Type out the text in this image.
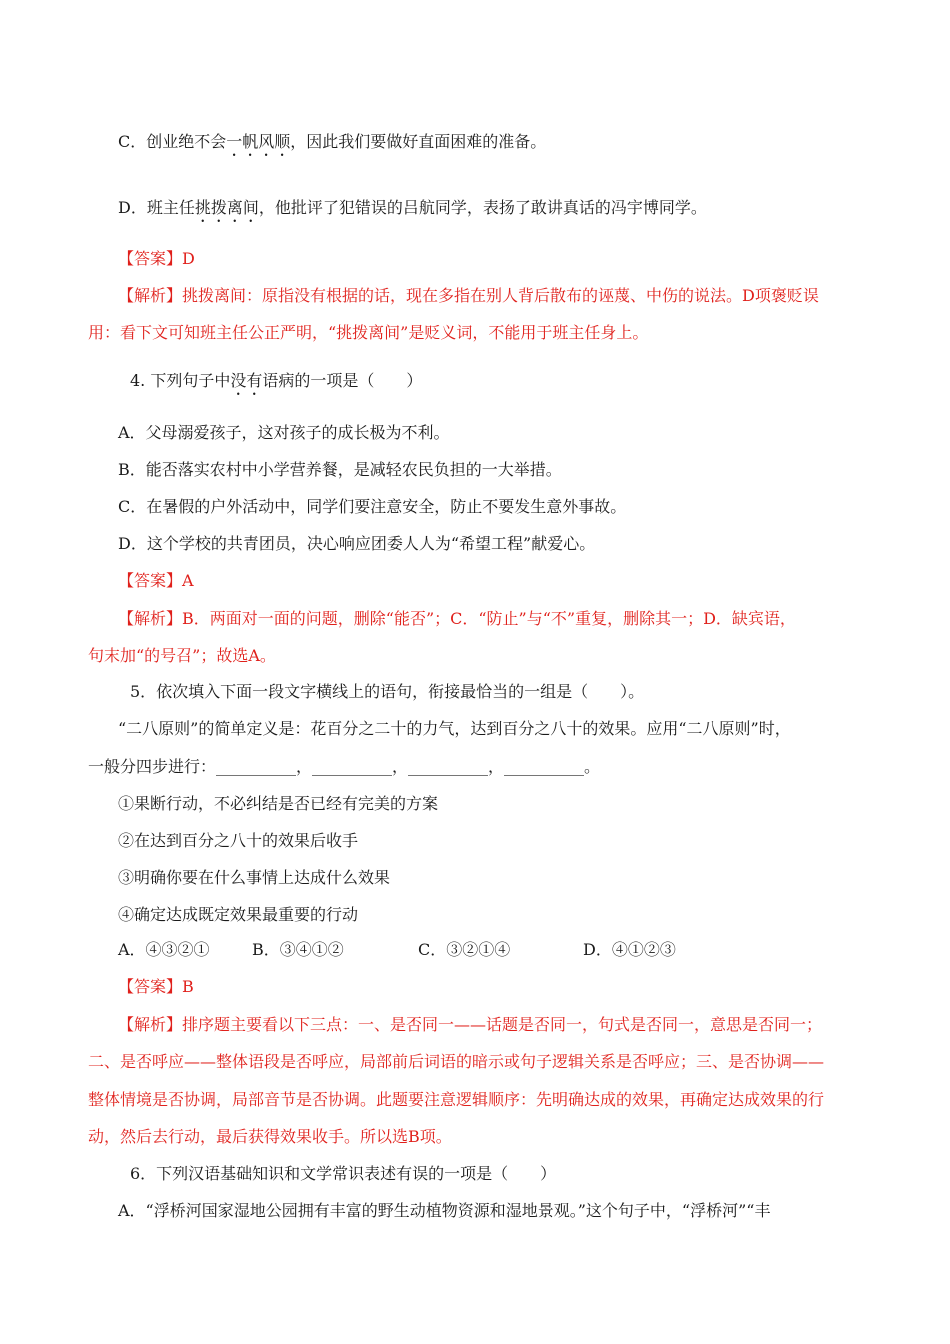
C．创业绝不会一帆风顺，因此我们要做好直面困难的准备。
D．班主任挑拨离间，他批评了犯错误的吕航同学，表扬了敢讲真话的冯宇博同学。
【答案】D
【解析】挑拨离间：原指没有根据的话，现在多指在别人背后散布的诬蔑、中伤的说法。D项褒贬误
用：看下文可知班主任公正严明，“挑拨离间”是贬义词，不能用于班主任身上。
4. 下列句子中没有语病的一项是（　　）
A．父母溺爱孩子，这对孩子的成长极为不利。
B．能否落实农村中小学营养餐，是减轻农民负担的一大举措。
C．在暑假的户外活动中，同学们要注意安全，防止不要发生意外事故。
D．这个学校的共青团员，决心响应团委人人为“希望工程”献爱心。
【答案】A
【解析】B．两面对一面的问题，删除“能否”；C．“防止”与“不”重复，删除其一；D．缺宾语，
句末加“的号召”；故选A。
5．依次填入下面一段文字横线上的语句，衔接最恰当的一组是（　　）。
“二八原则”的简单定义是：花百分之二十的力气，达到百分之八十的效果。应用“二八原则”时，
一般分四步进行：__________，__________，__________，__________。
①果断行动，不必纠结是否已经有完美的方案
②在达到百分之八十的效果后收手
③明确你要在什么事情上达成什么效果
④确定达成既定效果最重要的行动
A．④③②①	B．③④①②	C．③②①④	D．④①②③
【答案】B
【解析】排序题主要看以下三点：一、是否同一——话题是否同一，句式是否同一，意思是否同一；
二、是否呼应——整体语段是否呼应，局部前后词语的暗示或句子逻辑关系是否呼应；三、是否协调——
整体情境是否协调，局部音节是否协调。此题要注意逻辑顺序：先明确达成的效果，再确定达成效果的行
动，然后去行动，最后获得效果收手。所以选B项。
6．下列汉语基础知识和文学常识表述有误的一项是（　　）
A．“浮桥河国家湿地公园拥有丰富的野生动植物资源和湿地景观。”这个句子中，“浮桥河”“丰
